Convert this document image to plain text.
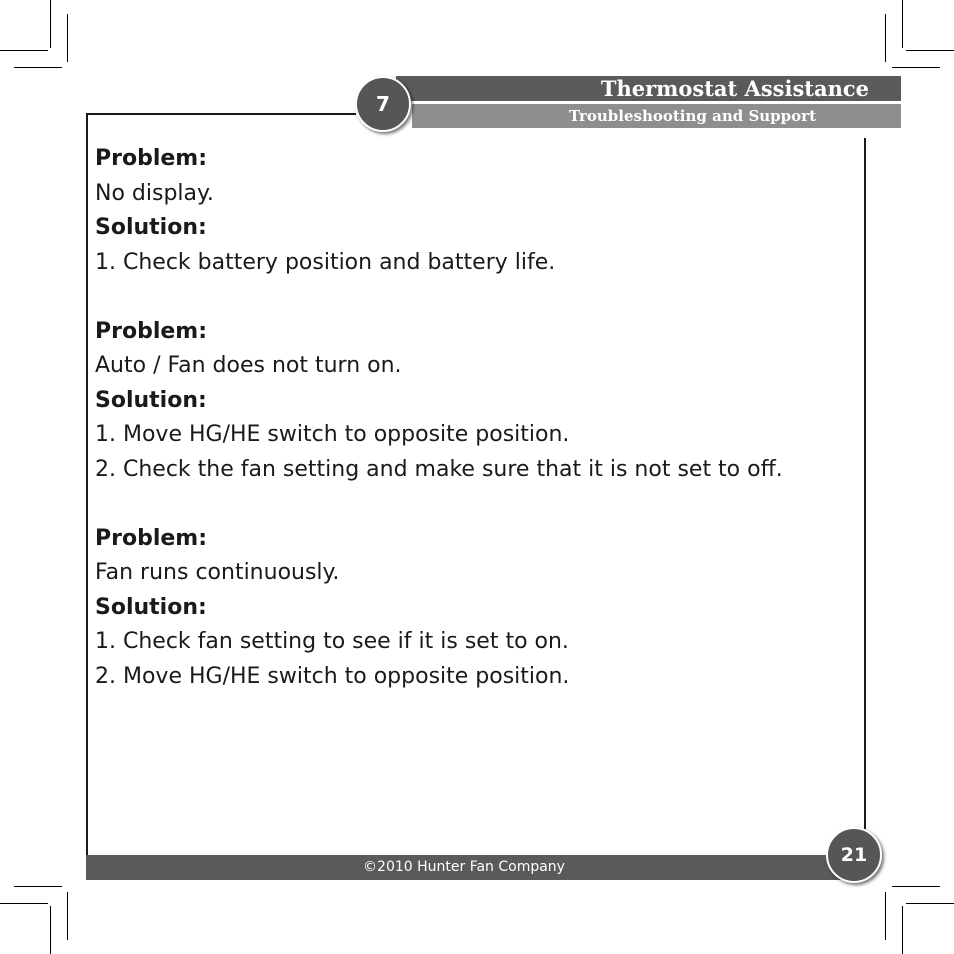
Thermostat Assistance
Troubleshooting and Support
7
Problem:
No display.
Solution:
1. Check battery position and battery life.
Problem:
Auto / Fan does not turn on.
Solution:
1. Move HG/HE switch to opposite position.
2. Check the fan setting and make sure that it is not set to off.
Problem:
Fan runs continuously.
Solution:
1. Check fan setting to see if it is set to on.
2. Move HG/HE switch to opposite position.
©2010 Hunter Fan Company
21
